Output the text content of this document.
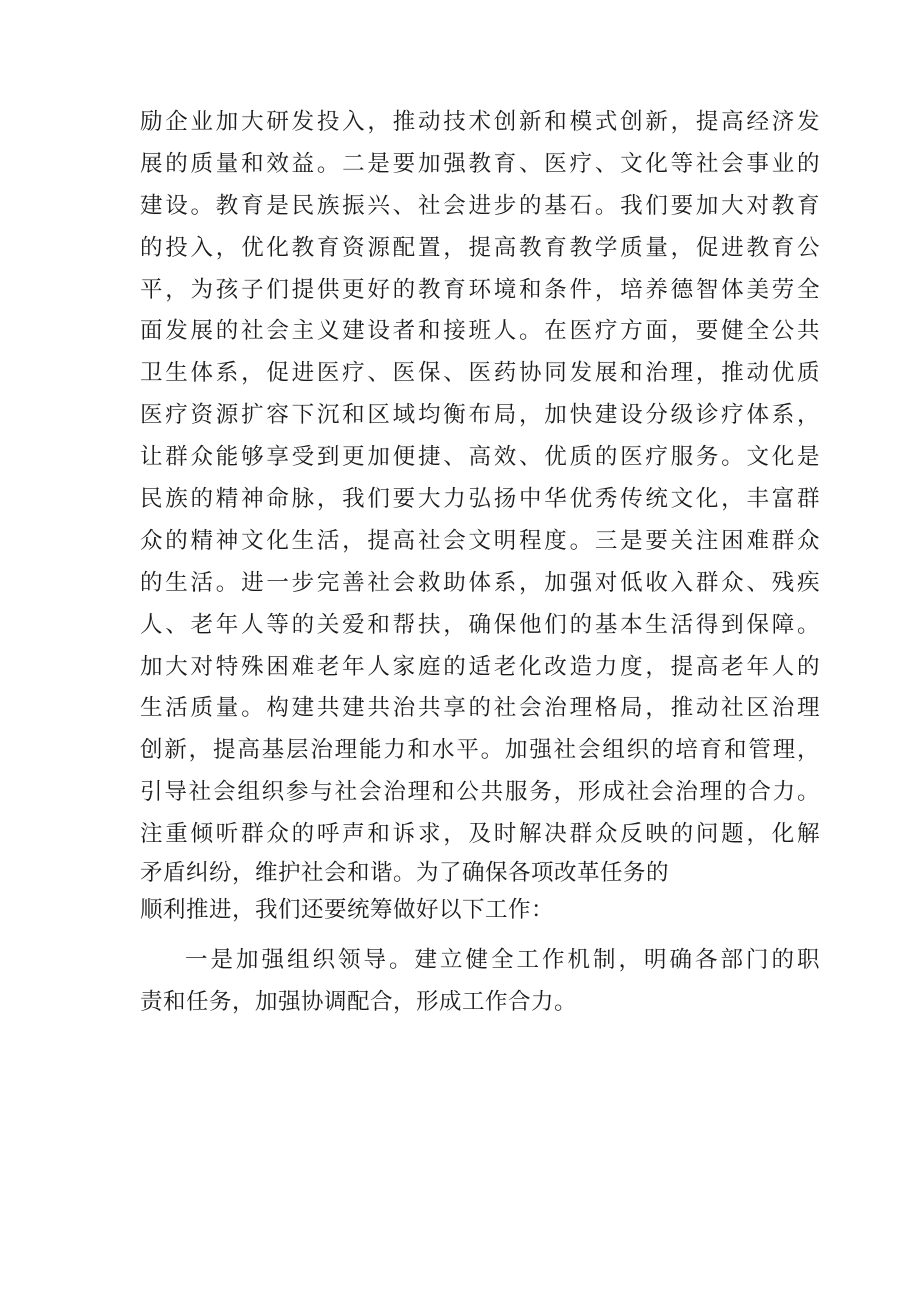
励企业加大研发投入，推动技术创新和模式创新，提高经济发
展的质量和效益。二是要加强教育、医疗、文化等社会事业的
建设。教育是民族振兴、社会进步的基石。我们要加大对教育
的投入，优化教育资源配置，提高教育教学质量，促进教育公
平，为孩子们提供更好的教育环境和条件，培养德智体美劳全
面发展的社会主义建设者和接班人。在医疗方面，要健全公共
卫生体系，促进医疗、医保、医药协同发展和治理，推动优质
医疗资源扩容下沉和区域均衡布局，加快建设分级诊疗体系，
让群众能够享受到更加便捷、高效、优质的医疗服务。文化是
民族的精神命脉，我们要大力弘扬中华优秀传统文化，丰富群
众的精神文化生活，提高社会文明程度。三是要关注困难群众
的生活。进一步完善社会救助体系，加强对低收入群众、残疾
人、老年人等的关爱和帮扶，确保他们的基本生活得到保障。
加大对特殊困难老年人家庭的适老化改造力度，提高老年人的
生活质量。构建共建共治共享的社会治理格局，推动社区治理
创新，提高基层治理能力和水平。加强社会组织的培育和管理，
引导社会组织参与社会治理和公共服务，形成社会治理的合力。
注重倾听群众的呼声和诉求，及时解决群众反映的问题，化解
矛盾纠纷，维护社会和谐。为了确保各项改革任务的
顺利推进，我们还要统筹做好以下工作：
一是加强组织领导。建立健全工作机制，明确各部门的职
责和任务，加强协调配合，形成工作合力。
